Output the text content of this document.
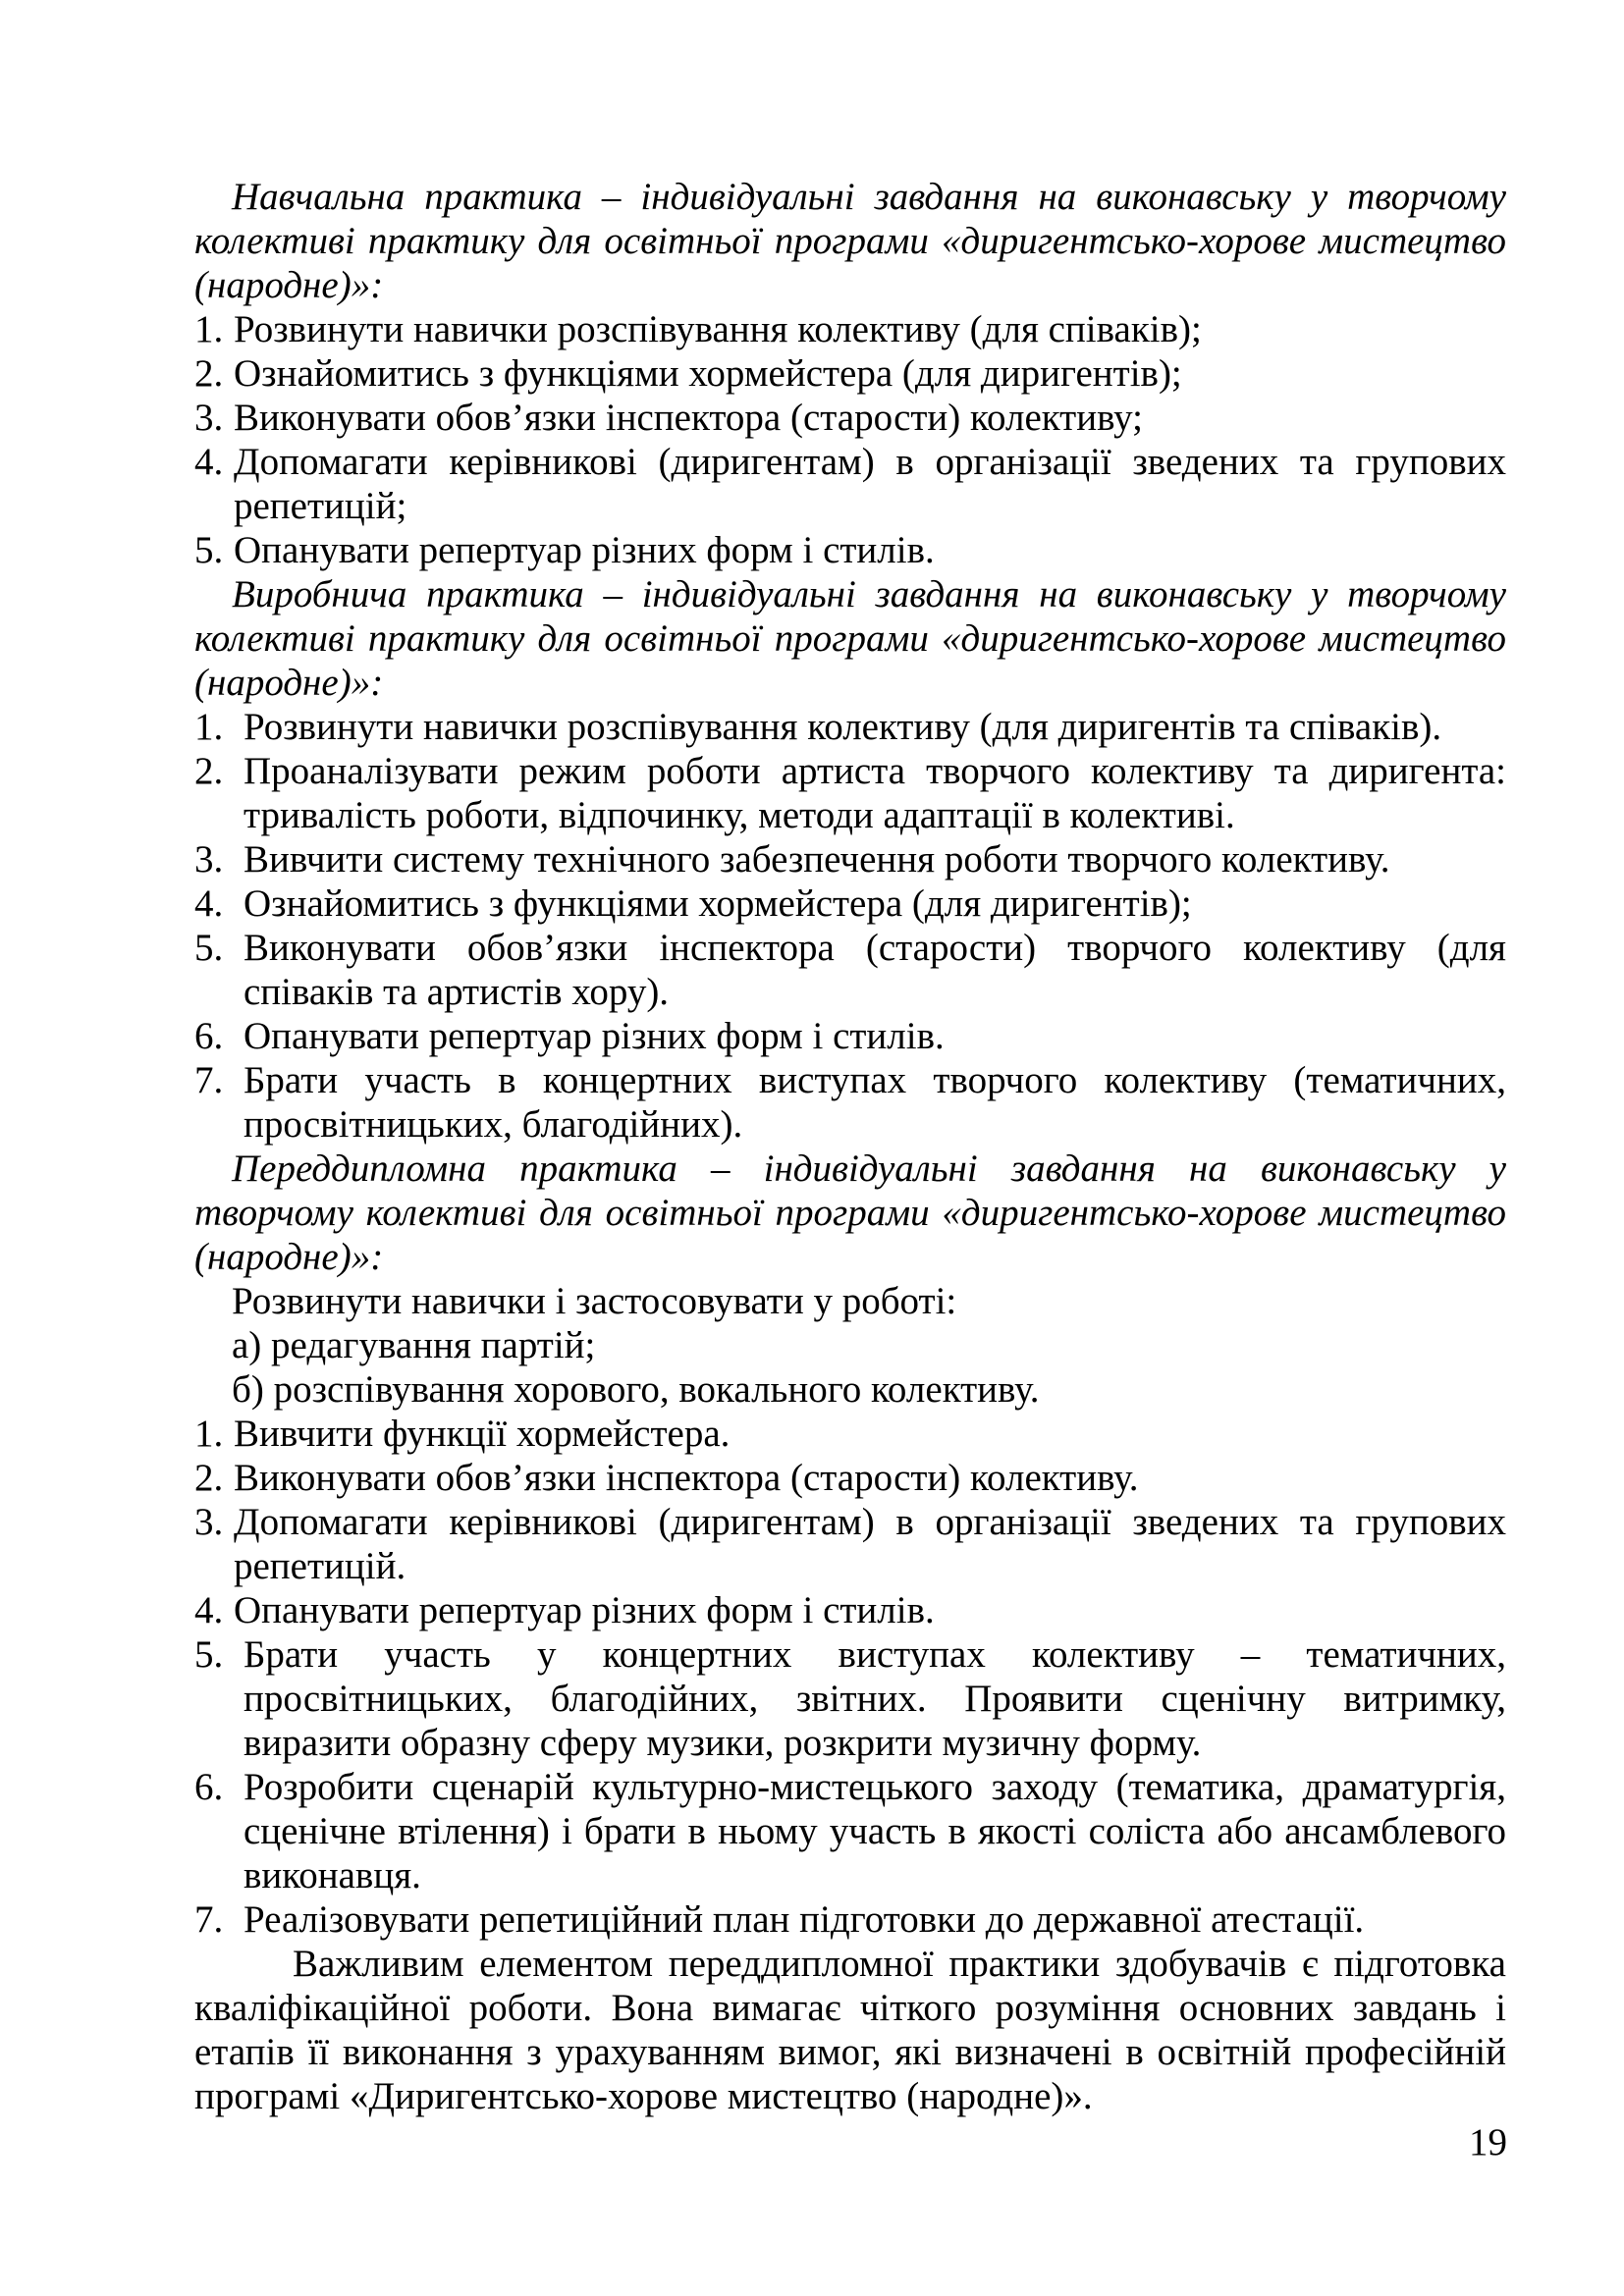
Навчальна практика – індивідуальні завдання на виконавську у творчому колективі практику для освітньої програми «диригентсько-хорове мистецтво (народне)»:

1. Розвинути навички розспівування колективу (для співаків);
2. Ознайомитись з функціями хормейстера (для диригентів);
3. Виконувати обов’язки інспектора (старости) колективу;
4. Допомагати керівникові (диригентам) в організації зведених та групових репетицій;
5. Опанувати репертуар різних форм і стилів.

Виробнича практика – індивідуальні завдання на виконавську у творчому колективі практику для освітньої програми «диригентсько-хорове мистецтво (народне)»:

1. Розвинути навички розспівування колективу (для диригентів та співаків).
2. Проаналізувати режим роботи артиста творчого колективу та диригента: тривалість роботи, відпочинку, методи адаптації в колективі.
3. Вивчити систему технічного забезпечення роботи творчого колективу.
4. Ознайомитись з функціями хормейстера (для диригентів);
5. Виконувати обов’язки інспектора (старости) творчого колективу (для співаків та артистів хору).
6. Опанувати репертуар різних форм і стилів.
7. Брати участь в концертних виступах творчого колективу (тематичних, просвітницьких, благодійних).

Переддипломна практика – індивідуальні завдання на виконавську у творчому колективі для освітньої програми «диригентсько-хорове мистецтво (народне)»:

Розвинути навички і застосовувати у роботі:

а) редагування партій;

б) розспівування хорового, вокального колективу.

1. Вивчити функції хормейстера.
2. Виконувати обов’язки інспектора (старости) колективу.
3. Допомагати керівникові (диригентам) в організації зведених та групових репетицій.
4. Опанувати репертуар різних форм і стилів.
5. Брати участь у концертних виступах колективу – тематичних, просвітницьких, благодійних, звітних. Проявити сценічну витримку, виразити образну сферу музики, розкрити музичну форму.
6. Розробити сценарій культурно-мистецького заходу (тематика, драматургія, сценічне втілення) і брати в ньому участь в якості соліста або ансамблевого виконавця.
7. Реалізовувати репетиційний план підготовки до державної атестації.

Важливим елементом переддипломної практики здобувачів є підготовка кваліфікаційної роботи. Вона вимагає чіткого розуміння основних завдань і етапів її виконання з урахуванням вимог, які визначені в освітній професійній програмі «Диригентсько-хорове мистецтво (народне)».

19
